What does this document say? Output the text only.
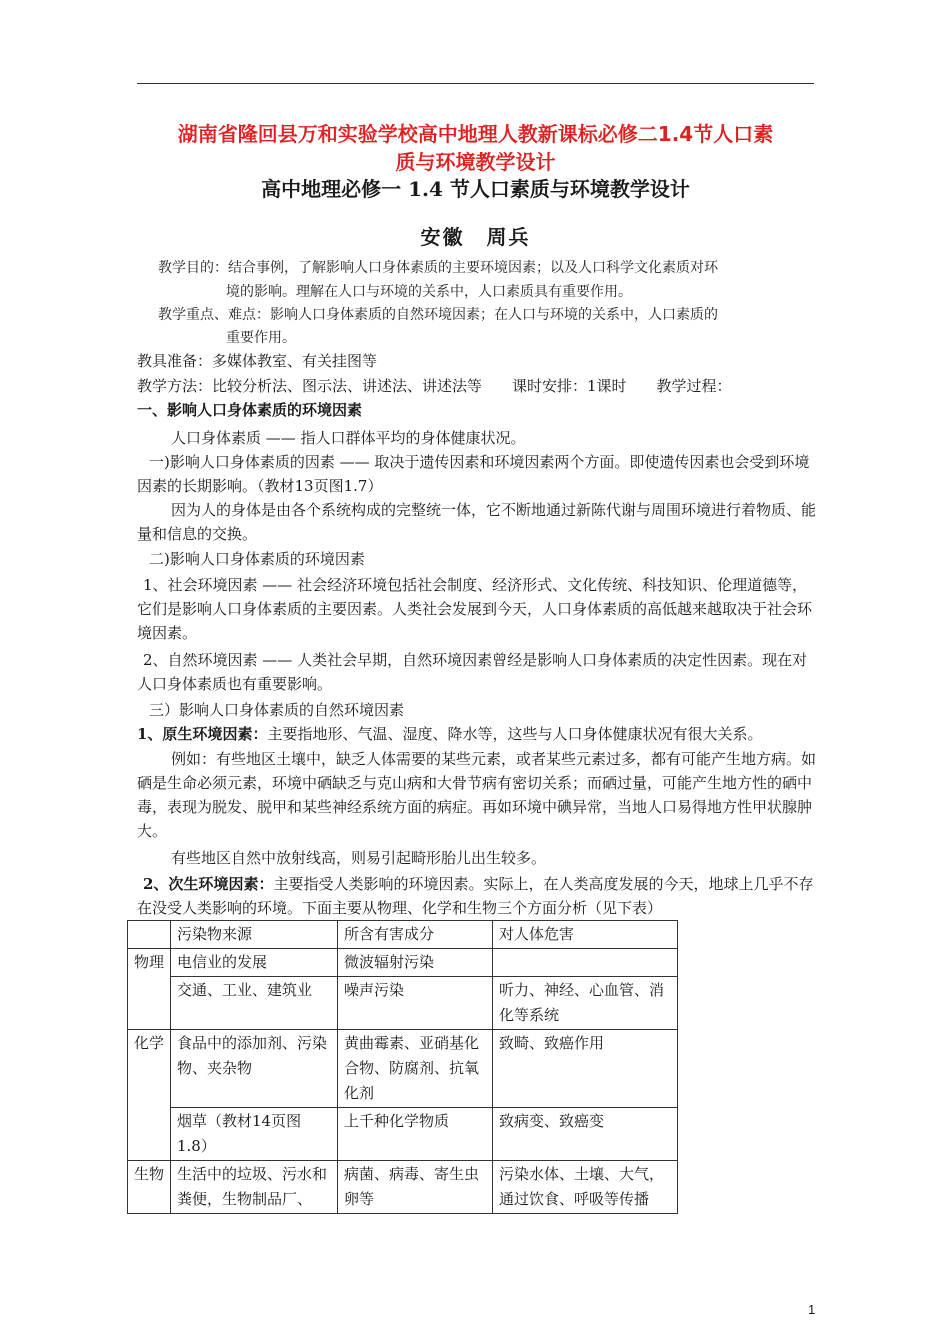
湖南省隆回县万和实验学校高中地理人教新课标必修二1.4节人口素
质与环境教学设计
高中地理必修一 1.4 节人口素质与环境教学设计
安徽　周兵
教学目的：结合事例，了解影响人口身体素质的主要环境因素；以及人口科学文化素质对环
境的影响。理解在人口与环境的关系中，人口素质具有重要作用。
教学重点、难点：影响人口身体素质的自然环境因素；在人口与环境的关系中，人口素质的
重要作用。
教具准备：多媒体教室、有关挂图等
教学方法：比较分析法、图示法、讲述法、讲述法等　　课时安排：1课时　　教学过程：
一、影响人口身体素质的环境因素
人口身体素质 —— 指人口群体平均的身体健康状况。
一)影响人口身体素质的因素 —— 取决于遗传因素和环境因素两个方面。即使遗传因素也会受到环境因素的长期影响。（教材13页图1.7）
因为人的身体是由各个系统构成的完整统一体，它不断地通过新陈代谢与周围环境进行着物质、能量和信息的交换。
二)影响人口身体素质的环境因素
1、社会环境因素 —— 社会经济环境包括社会制度、经济形式、文化传统、科技知识、伦理道德等，它们是影响人口身体素质的主要因素。人类社会发展到今天，人口身体素质的高低越来越取决于社会环境因素。
2、自然环境因素 —— 人类社会早期，自然环境因素曾经是影响人口身体素质的决定性因素。现在对人口身体素质也有重要影响。
三）影响人口身体素质的自然环境因素
1、原生环境因素：主要指地形、气温、湿度、降水等，这些与人口身体健康状况有很大关系。
例如：有些地区土壤中，缺乏人体需要的某些元素，或者某些元素过多，都有可能产生地方病。如硒是生命必须元素，环境中硒缺乏与克山病和大骨节病有密切关系；而硒过量，可能产生地方性的硒中毒，表现为脱发、脱甲和某些神经系统方面的病症。再如环境中碘异常，当地人口易得地方性甲状腺肿大。
有些地区自然中放射线高，则易引起畸形胎儿出生较多。
2、次生环境因素：主要指受人类影响的环境因素。实际上，在人类高度发展的今天，地球上几乎不存在没受人类影响的环境。下面主要从物理、化学和生物三个方面分析（见下表）
	污染物来源	所含有害成分	对人体危害
物理	电信业的发展	微波辐射污染	
	交通、工业、建筑业	噪声污染	听力、神经、心血管、消化等系统
化学	食品中的添加剂、污染物、夹杂物	黄曲霉素、亚硝基化合物、防腐剂、抗氧化剂	致畸、致癌作用
	烟草（教材14页图1.8）	上千种化学物质	致病变、致癌变
生物	生活中的垃圾、污水和粪便，生物制品厂、	病菌、病毒、寄生虫卵等	污染水体、土壤、大气，通过饮食、呼吸等传播
1
